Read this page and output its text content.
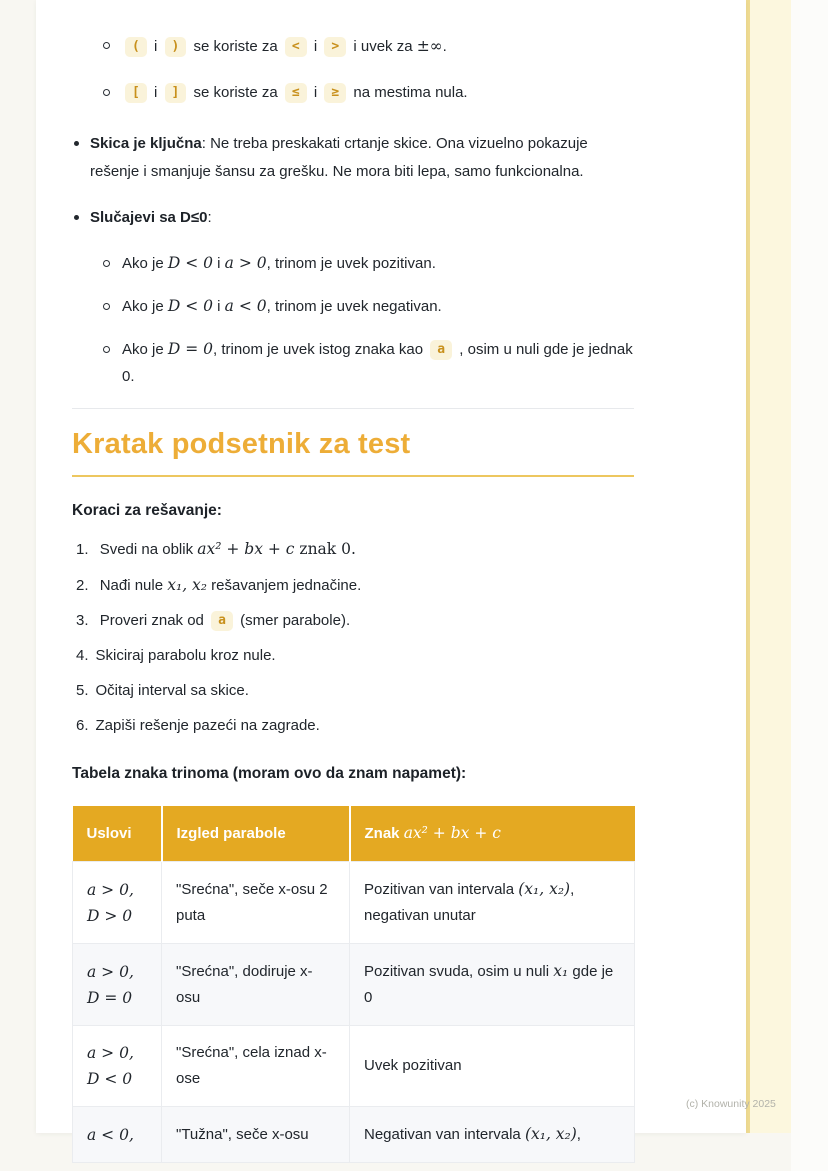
( i ) se koriste za < i > i uvek za ±∞.
[ i ] se koriste za ≤ i ≥ na mestima nula.
Skica je ključna: Ne treba preskakati crtanje skice. Ona vizuelno pokazuje rešenje i smanjuje šansu za grešku. Ne mora biti lepa, samo funkcionalna.
Slučajevi sa D≤0:
Ako je D < 0 i a > 0, trinom je uvek pozitivan.
Ako je D < 0 i a < 0, trinom je uvek negativan.
Ako je D = 0, trinom je uvek istog znaka kao a , osim u nuli gde je jednak 0.
Kratak podsetnik za test
Koraci za rešavanje:
Svedi na oblik ax² + bx + c znak 0.
Nađi nule x₁, x₂ rešavanjem jednačine.
Proveri znak od a (smer parabole).
Skiciraj parabolu kroz nule.
Očitaj interval sa skice.
Zapiši rešenje pazeći na zagrade.
Tabela znaka trinoma (moram ovo da znam napamet):
Uslovi	Izgled parabole	Znak ax² + bx + c

a > 0,
D > 0	"Srećna", seče x-osu 2 puta	Pozitivan van intervala (x₁, x₂), negativan unutar

a > 0,
D = 0	"Srećna", dodiruje x-osu	Pozitivan svuda, osim u nuli x₁ gde je 0

a > 0,
D < 0	"Srećna", cela iznad x-ose	Uvek pozitivan

a < 0,	"Tužna", seče x-osu	Negativan van intervala (x₁, x₂),
(c) Knowunity 2025
